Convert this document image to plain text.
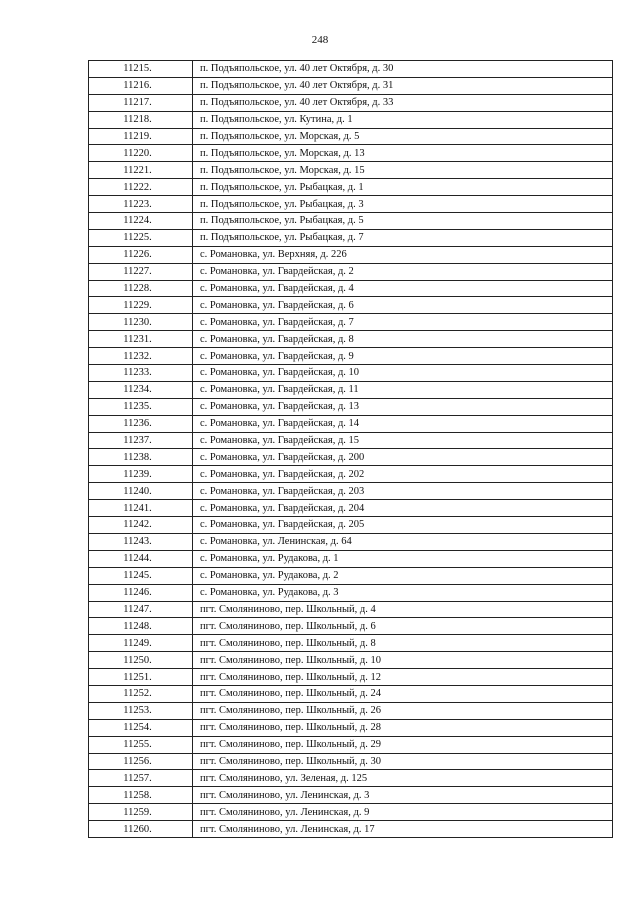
248
11215.	п. Подъяпольское, ул. 40 лет Октября, д. 30
11216.	п. Подъяпольское, ул. 40 лет Октября, д. 31
11217.	п. Подъяпольское, ул. 40 лет Октября, д. 33
11218.	п. Подъяпольское, ул. Кутина, д. 1
11219.	п. Подъяпольское, ул. Морская, д. 5
11220.	п. Подъяпольское, ул. Морская, д. 13
11221.	п. Подъяпольское, ул. Морская, д. 15
11222.	п. Подъяпольское, ул. Рыбацкая, д. 1
11223.	п. Подъяпольское, ул. Рыбацкая, д. 3
11224.	п. Подъяпольское, ул. Рыбацкая, д. 5
11225.	п. Подъяпольское, ул. Рыбацкая, д. 7
11226.	с. Романовка, ул. Верхняя, д. 226
11227.	с. Романовка, ул. Гвардейская, д. 2
11228.	с. Романовка, ул. Гвардейская, д. 4
11229.	с. Романовка, ул. Гвардейская, д. 6
11230.	с. Романовка, ул. Гвардейская, д. 7
11231.	с. Романовка, ул. Гвардейская, д. 8
11232.	с. Романовка, ул. Гвардейская, д. 9
11233.	с. Романовка, ул. Гвардейская, д. 10
11234.	с. Романовка, ул. Гвардейская, д. 11
11235.	с. Романовка, ул. Гвардейская, д. 13
11236.	с. Романовка, ул. Гвардейская, д. 14
11237.	с. Романовка, ул. Гвардейская, д. 15
11238.	с. Романовка, ул. Гвардейская, д. 200
11239.	с. Романовка, ул. Гвардейская, д. 202
11240.	с. Романовка, ул. Гвардейская, д. 203
11241.	с. Романовка, ул. Гвардейская, д. 204
11242.	с. Романовка, ул. Гвардейская, д. 205
11243.	с. Романовка, ул. Ленинская, д. 64
11244.	с. Романовка, ул. Рудакова, д. 1
11245.	с. Романовка, ул. Рудакова, д. 2
11246.	с. Романовка, ул. Рудакова, д. 3
11247.	пгт. Смоляниново, пер. Школьный, д. 4
11248.	пгт. Смоляниново, пер. Школьный, д. 6
11249.	пгт. Смоляниново, пер. Школьный, д. 8
11250.	пгт. Смоляниново, пер. Школьный, д. 10
11251.	пгт. Смоляниново, пер. Школьный, д. 12
11252.	пгт. Смоляниново, пер. Школьный, д. 24
11253.	пгт. Смоляниново, пер. Школьный, д. 26
11254.	пгт. Смоляниново, пер. Школьный, д. 28
11255.	пгт. Смоляниново, пер. Школьный, д. 29
11256.	пгт. Смоляниново, пер. Школьный, д. 30
11257.	пгт. Смоляниново, ул. Зеленая, д. 125
11258.	пгт. Смоляниново, ул. Ленинская, д. 3
11259.	пгт. Смоляниново, ул. Ленинская, д. 9
11260.	пгт. Смоляниново, ул. Ленинская, д. 17
